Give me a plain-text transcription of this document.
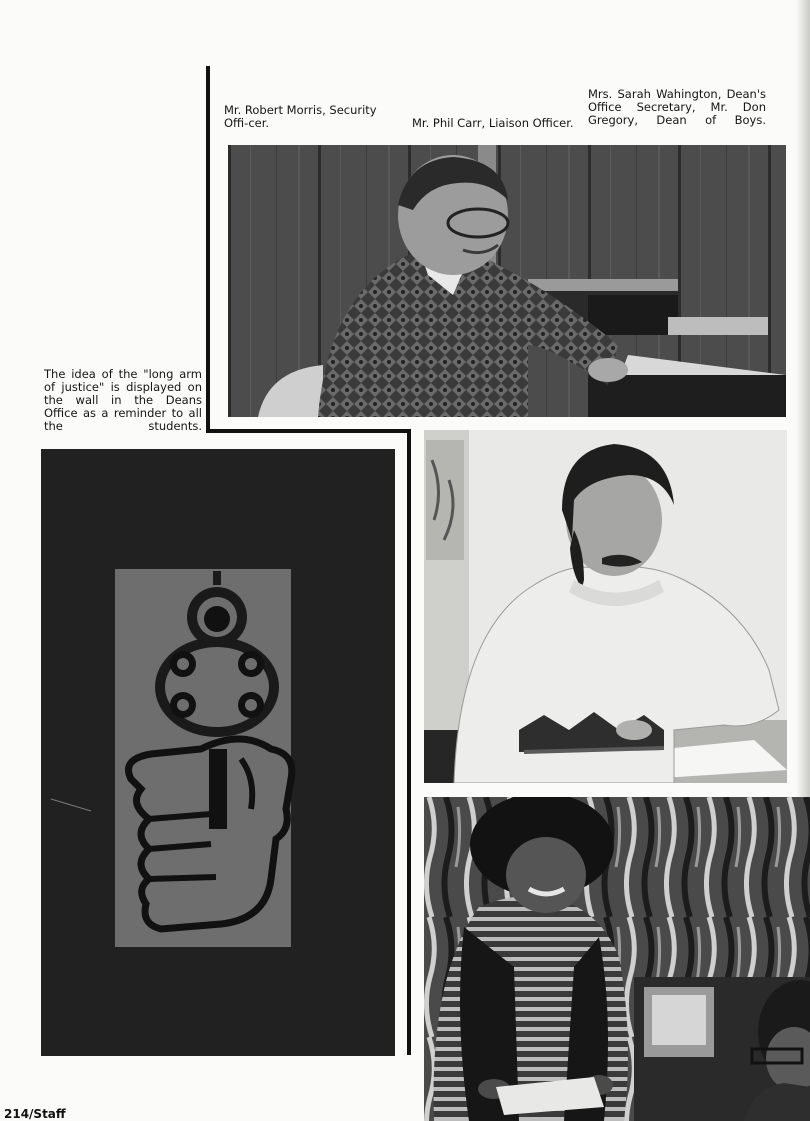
Mr. Robert Morris, Security Offi-cer.	Mr. Phil Carr, Liaison Officer.
Mrs. Sarah Wahington, Dean's Office Secretary, Mr. Don Gregory, Dean of Boys.
The idea of the "long arm of justice" is displayed on the wall in the Deans Office as a reminder to all the students.
214/Staff
